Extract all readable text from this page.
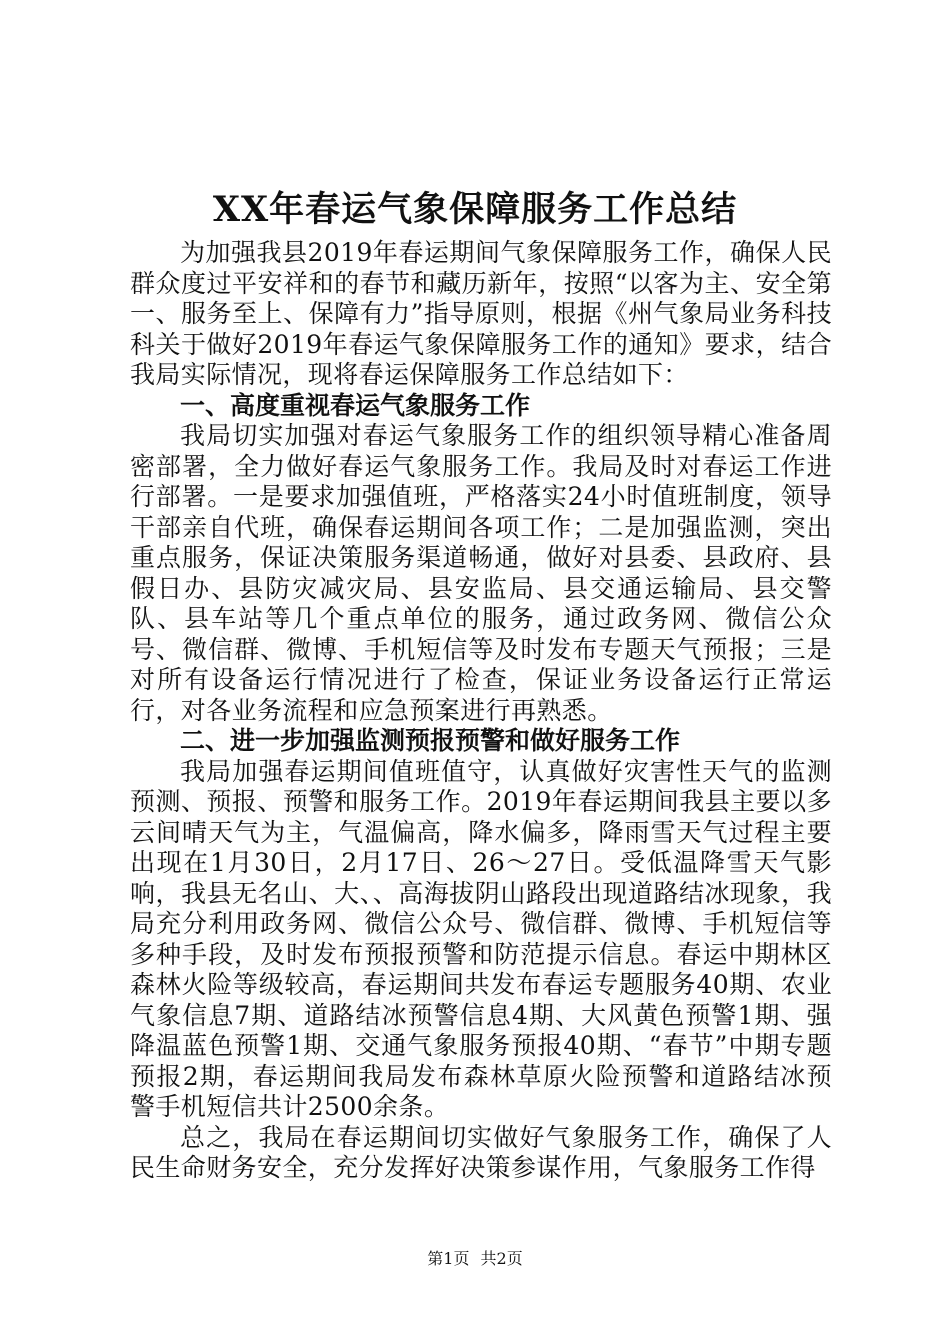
XX年春运气象保障服务工作总结

为加强我县2019年春运期间气象保障服务工作，确保人民群众度过平安祥和的春节和藏历新年，按照“以客为主、安全第一、服务至上、保障有力”指导原则，根据《州气象局业务科技科关于做好2019年春运气象保障服务工作的通知》要求，结合我局实际情况，现将春运保障服务工作总结如下：

一、高度重视春运气象服务工作

我局切实加强对春运气象服务工作的组织领导精心准备周密部署，全力做好春运气象服务工作。我局及时对春运工作进行部署。一是要求加强值班，严格落实24小时值班制度，领导干部亲自代班，确保春运期间各项工作；二是加强监测，突出重点服务，保证决策服务渠道畅通，做好对县委、县政府、县假日办、县防灾减灾局、县安监局、县交通运输局、县交警队、县车站等几个重点单位的服务，通过政务网、微信公众号、微信群、微博、手机短信等及时发布专题天气预报；三是对所有设备运行情况进行了检查，保证业务设备运行正常运行，对各业务流程和应急预案进行再熟悉。

二、进一步加强监测预报预警和做好服务工作

我局加强春运期间值班值守，认真做好灾害性天气的监测预测、预报、预警和服务工作。2019年春运期间我县主要以多云间晴天气为主，气温偏高，降水偏多，降雨雪天气过程主要出现在1月30日，2月17日、26～27日。受低温降雪天气影响，我县无名山、大、、高海拔阴山路段出现道路结冰现象，我局充分利用政务网、微信公众号、微信群、微博、手机短信等多种手段，及时发布预报预警和防范提示信息。春运中期林区森林火险等级较高，春运期间共发布春运专题服务40期、农业气象信息7期、道路结冰预警信息4期、大风黄色预警1期、强降温蓝色预警1期、交通气象服务预报40期、“春节”中期专题预报2期，春运期间我局发布森林草原火险预警和道路结冰预警手机短信共计2500余条。

总之，我局在春运期间切实做好气象服务工作，确保了人民生命财务安全，充分发挥好决策参谋作用，气象服务工作得

第1页 共2页
